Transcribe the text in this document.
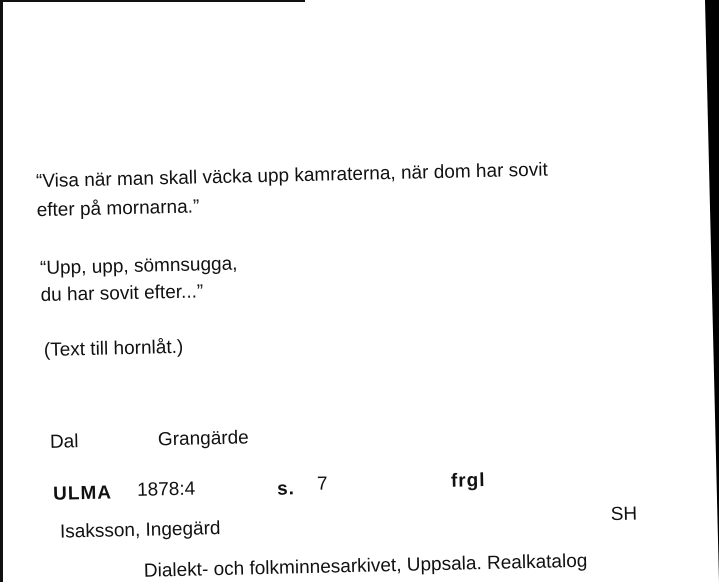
“Visa när man skall väcka upp kamraterna, när dom har sovit
efter på mornarna.”
“Upp, upp, sömnsugga,
du har sovit efter...”
(Text till hornlåt.)
Dal	Grangärde
ULMA 1878:4	s. 7	frgl
Isaksson, Ingegärd
SH
Dialekt- och folkminnesarkivet, Uppsala. Realkatalog
